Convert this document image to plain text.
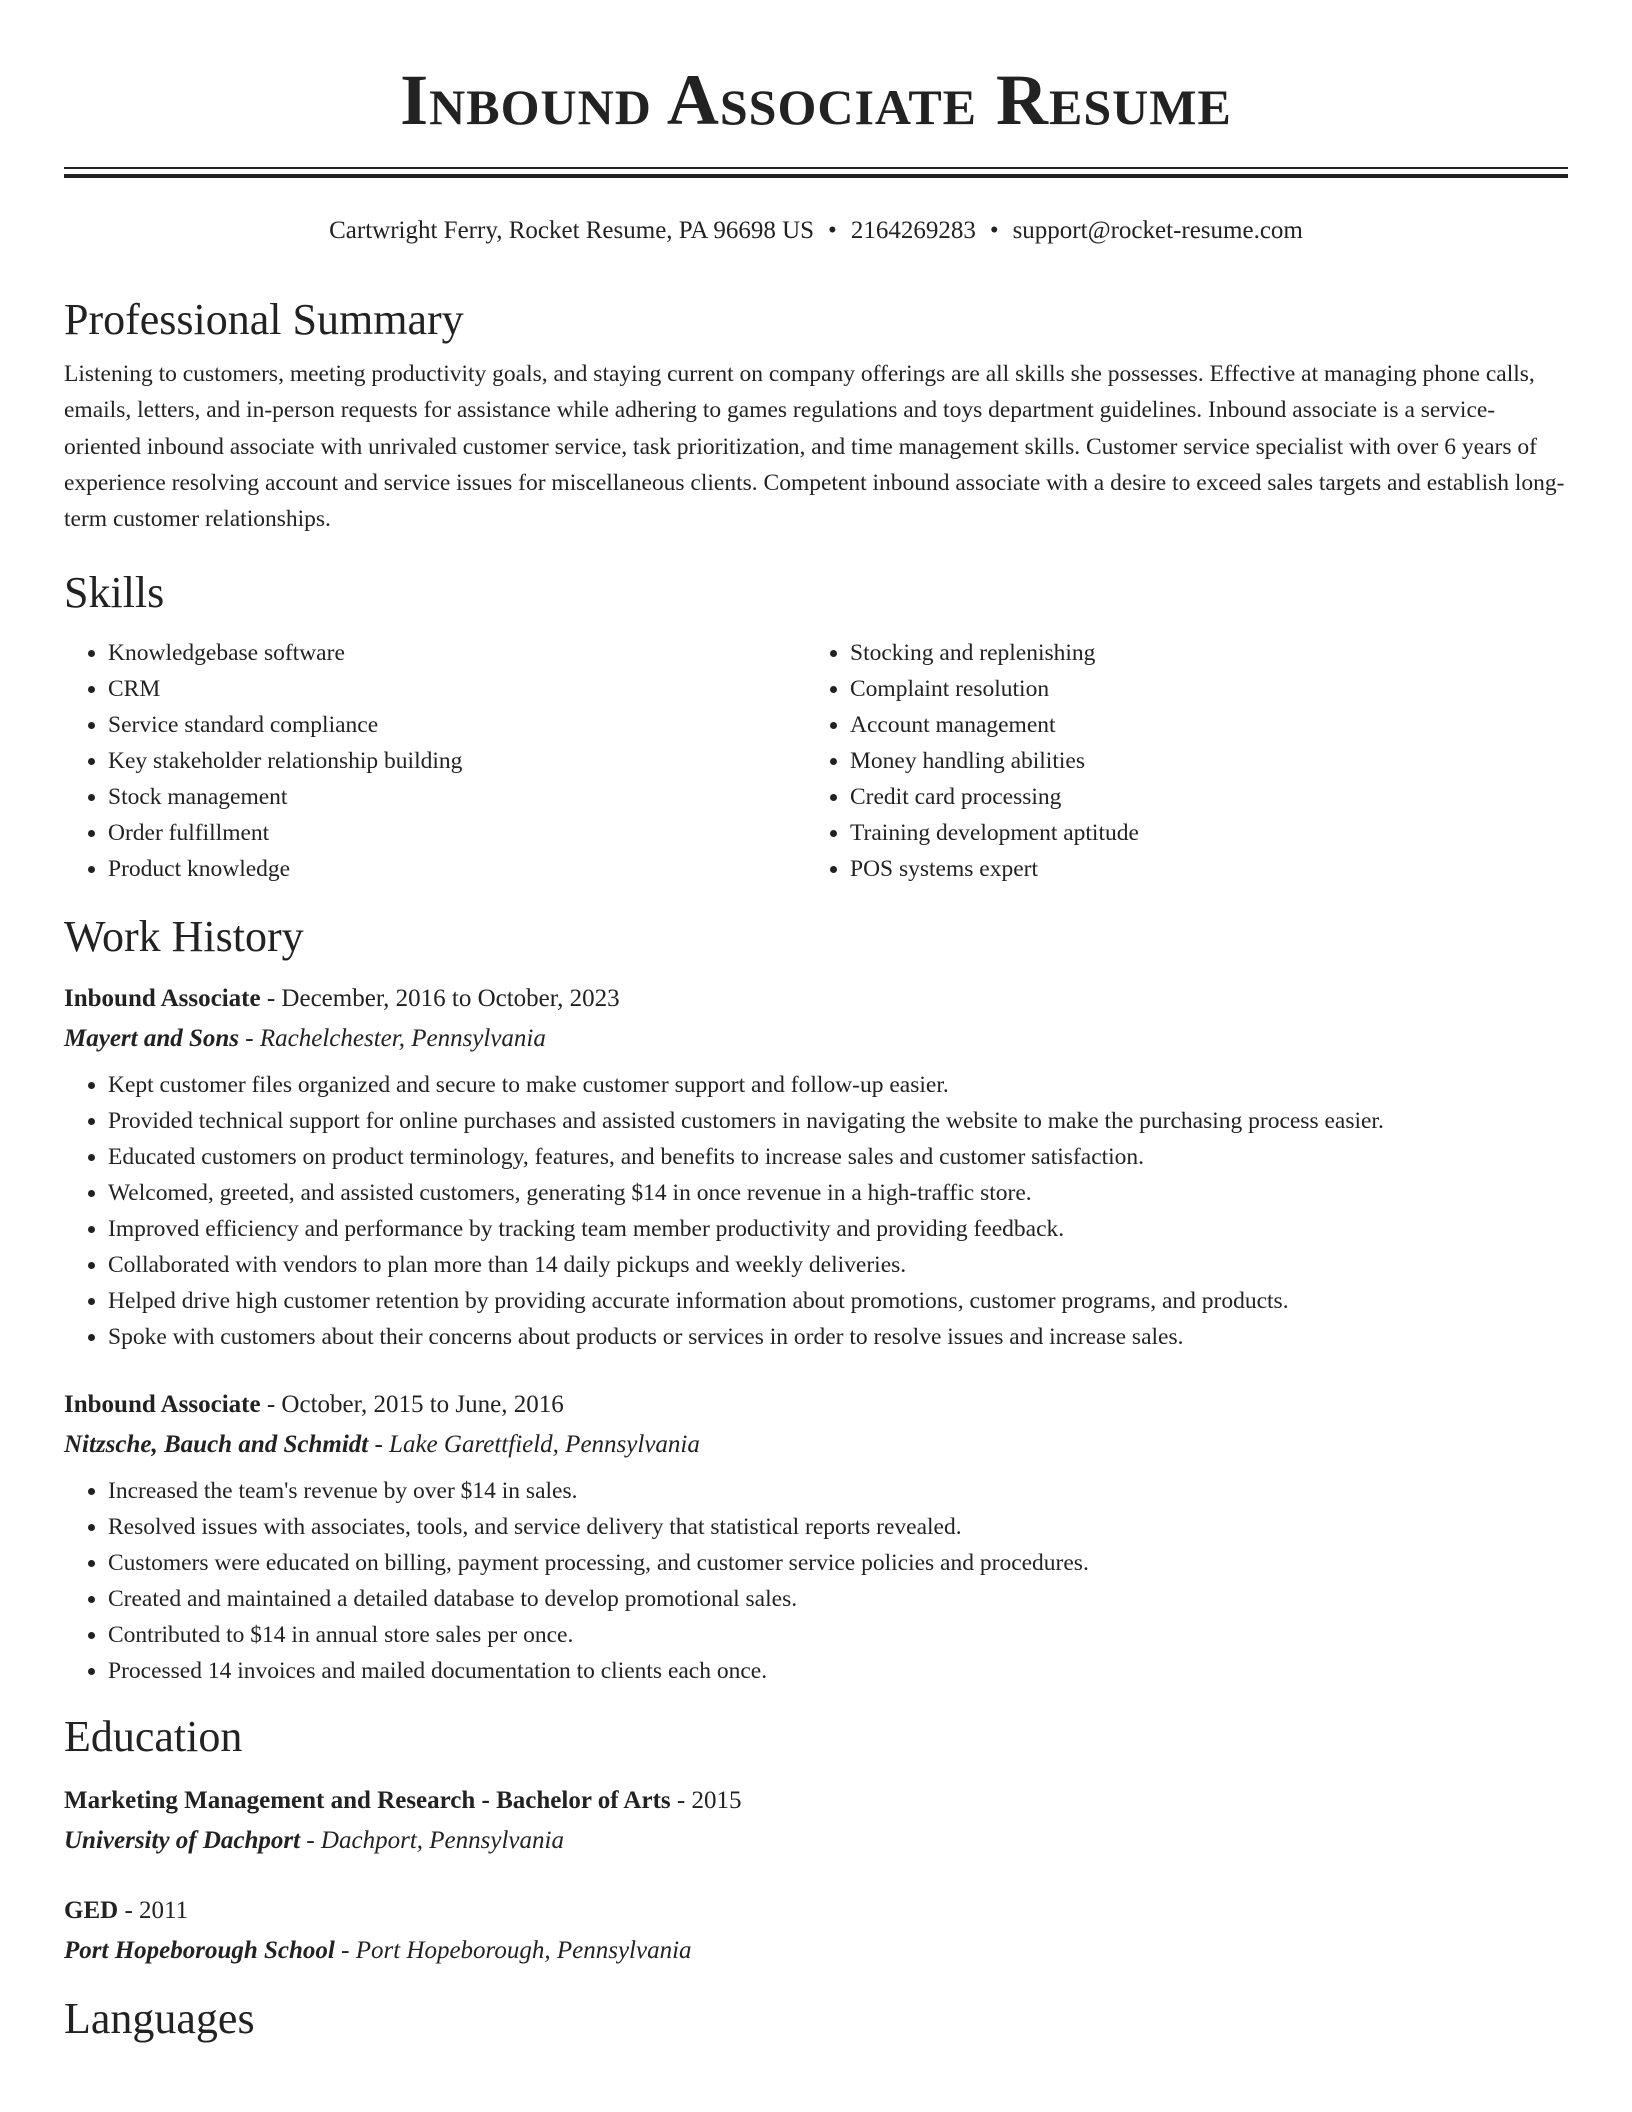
Inbound Associate Resume
Cartwright Ferry, Rocket Resume, PA 96698 US • 2164269283 • support@rocket-resume.com
Professional Summary

Listening to customers, meeting productivity goals, and staying current on company offerings are all skills she possesses. Effective at managing phone calls, emails, letters, and in-person requests for assistance while adhering to games regulations and toys department guidelines. Inbound associate is a service-oriented inbound associate with unrivaled customer service, task prioritization, and time management skills. Customer service specialist with over 6 years of experience resolving account and service issues for miscellaneous clients. Competent inbound associate with a desire to exceed sales targets and establish long-term customer relationships.

Skills
• Knowledgebase software
• CRM
• Service standard compliance
• Key stakeholder relationship building
• Stock management
• Order fulfillment
• Product knowledge
• Stocking and replenishing
• Complaint resolution
• Account management
• Money handling abilities
• Credit card processing
• Training development aptitude
• POS systems expert
Work History
Inbound Associate - December, 2016 to October, 2023
Mayert and Sons - Rachelchester, Pennsylvania
• Kept customer files organized and secure to make customer support and follow-up easier.
• Provided technical support for online purchases and assisted customers in navigating the website to make the purchasing process easier.
• Educated customers on product terminology, features, and benefits to increase sales and customer satisfaction.
• Welcomed, greeted, and assisted customers, generating $14 in once revenue in a high-traffic store.
• Improved efficiency and performance by tracking team member productivity and providing feedback.
• Collaborated with vendors to plan more than 14 daily pickups and weekly deliveries.
• Helped drive high customer retention by providing accurate information about promotions, customer programs, and products.
• Spoke with customers about their concerns about products or services in order to resolve issues and increase sales.
Inbound Associate - October, 2015 to June, 2016
Nitzsche, Bauch and Schmidt - Lake Garettfield, Pennsylvania
• Increased the team's revenue by over $14 in sales.
• Resolved issues with associates, tools, and service delivery that statistical reports revealed.
• Customers were educated on billing, payment processing, and customer service policies and procedures.
• Created and maintained a detailed database to develop promotional sales.
• Contributed to $14 in annual store sales per once.
• Processed 14 invoices and mailed documentation to clients each once.
Education
Marketing Management and Research - Bachelor of Arts - 2015
University of Dachport - Dachport, Pennsylvania
GED - 2011
Port Hopeborough School - Port Hopeborough, Pennsylvania
Languages
